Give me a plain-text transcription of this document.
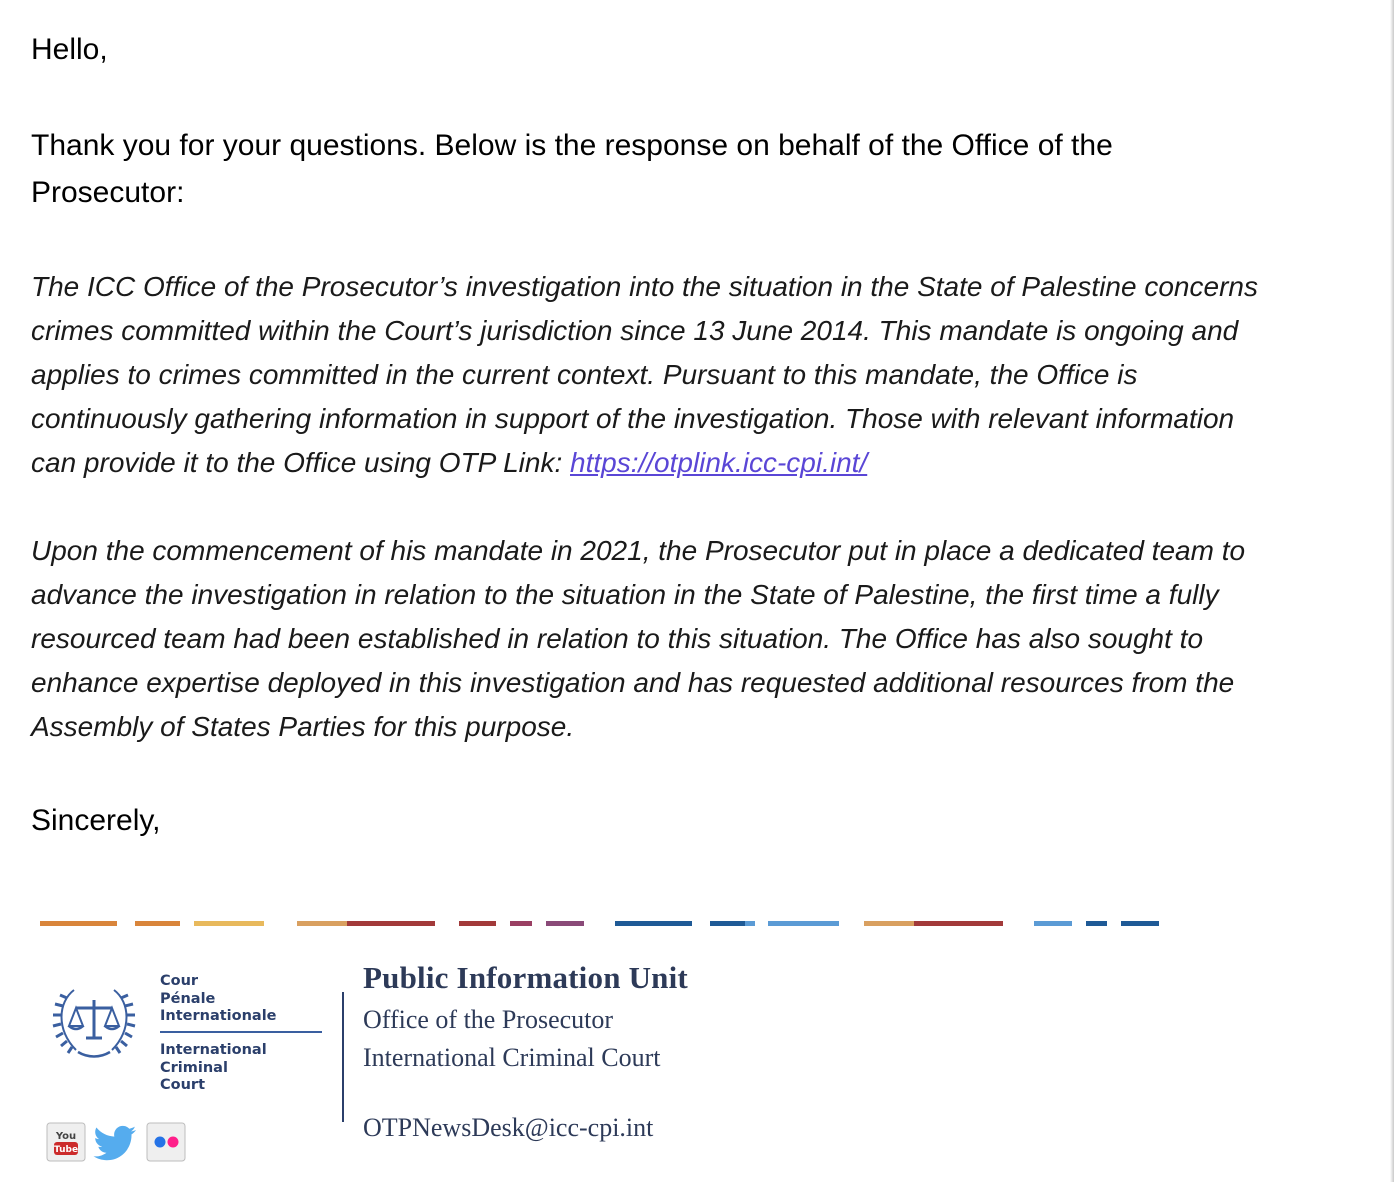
Hello,

Thank you for your questions. Below is the response on behalf of the Office of the
Prosecutor:
The ICC Office of the Prosecutor’s investigation into the situation in the State of Palestine concerns
crimes committed within the Court’s jurisdiction since 13 June 2014. This mandate is ongoing and
applies to crimes committed in the current context. Pursuant to this mandate, the Office is
continuously gathering information in support of the investigation. Those with relevant information
can provide it to the Office using OTP Link: https://otplink.icc-cpi.int/
Upon the commencement of his mandate in 2021, the Prosecutor put in place a dedicated team to
advance the investigation in relation to the situation in the State of Palestine, the first time a fully
resourced team had been established in relation to this situation. The Office has also sought to
enhance expertise deployed in this investigation and has requested additional resources from the
Assembly of States Parties for this purpose.

Sincerely,

Cour
Pénale
Internationale
International
Criminal
Court
You
Tube

Public Information Unit

Office of the Prosecutor

International Criminal Court

OTPNewsDesk@icc-cpi.int
